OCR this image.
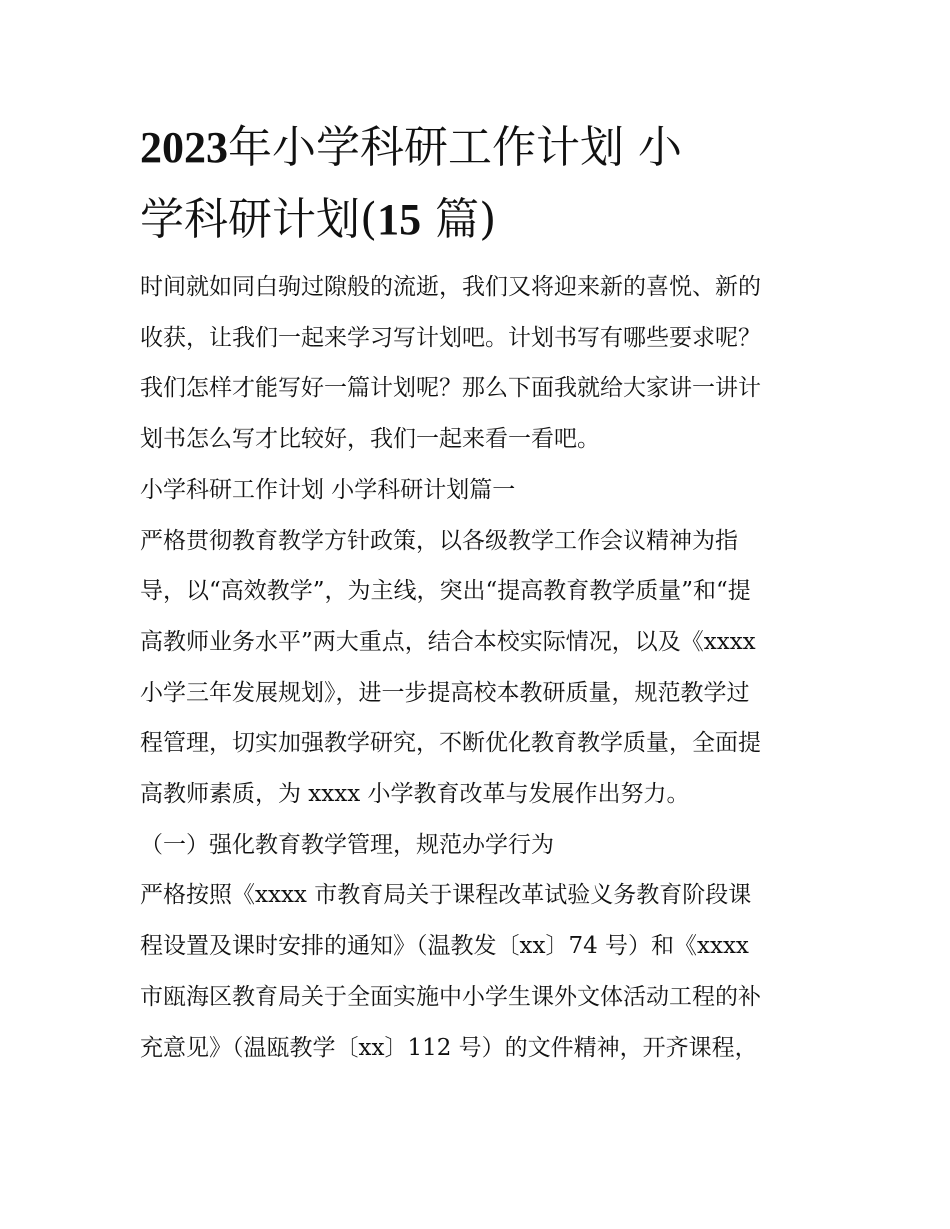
2023年小学科研工作计划 小
学科研计划(15 篇)

时间就如同白驹过隙般的流逝，我们又将迎来新的喜悦、新的

收获，让我们一起来学习写计划吧。计划书写有哪些要求呢？

我们怎样才能写好一篇计划呢？那么下面我就给大家讲一讲计

划书怎么写才比较好，我们一起来看一看吧。

小学科研工作计划 小学科研计划篇一

严格贯彻教育教学方针政策，以各级教学工作会议精神为指

导，以“高效教学”，为主线，突出“提高教育教学质量”和“提

高教师业务水平”两大重点，结合本校实际情况，以及《xxxx

小学三年发展规划》，进一步提高校本教研质量，规范教学过

程管理，切实加强教学研究，不断优化教育教学质量，全面提

高教师素质，为 xxxx 小学教育改革与发展作出努力。

（一）强化教育教学管理，规范办学行为

严格按照《xxxx 市教育局关于课程改革试验义务教育阶段课

程设置及课时安排的通知》（温教发〔xx〕74 号）和《xxxx

市瓯海区教育局关于全面实施中小学生课外文体活动工程的补

充意见》（温瓯教学〔xx〕112 号）的文件精神，开齐课程，
